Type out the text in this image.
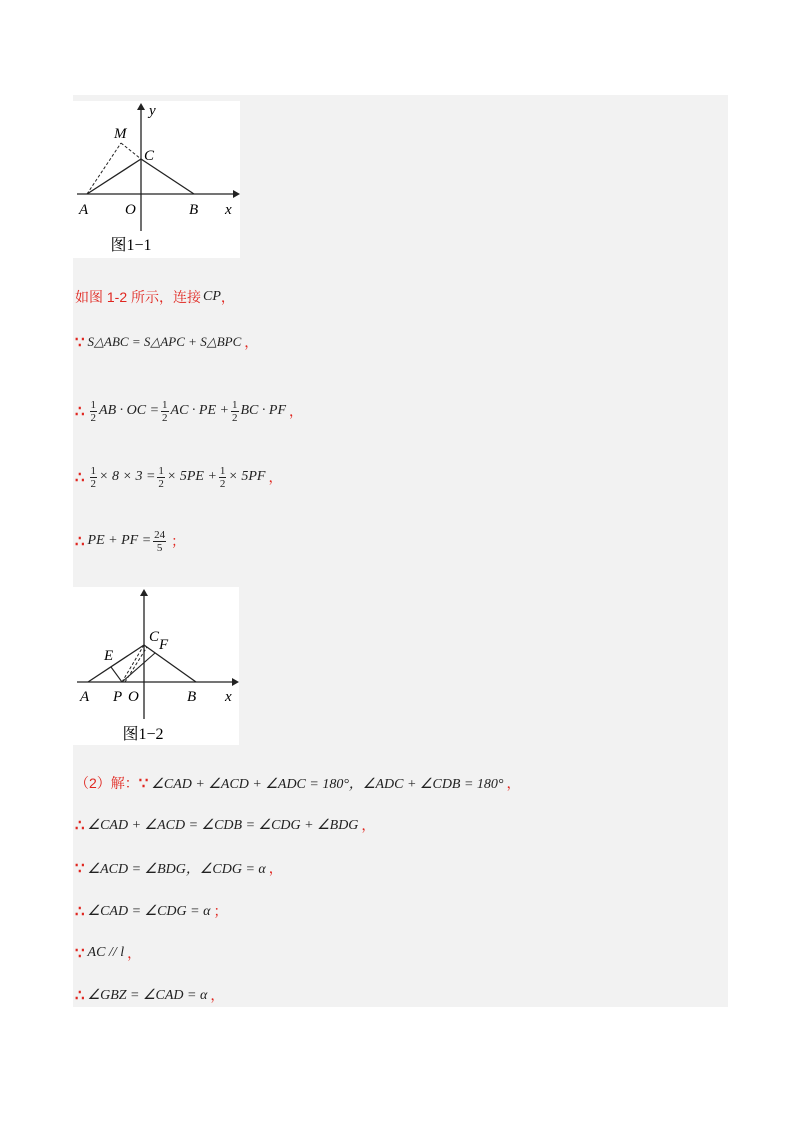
M
y
C
A O	B x
图1−1
如图 1-2 所示，连接 CP ，
∵ S△ABC = S△APC + S△BPC ，
∴ $\frac{1}{2}$ AB · OC = $\frac{1}{2}$ AC · PE + $\frac{1}{2}$ BC · PF ，
∴ $\frac{1}{2} \times 8 \times 3 = \frac{1}{2} \times 5PE + \frac{1}{2} \times 5PF$ ，
∴ PE + PF = $\frac{24}{5}$ ；
C F
E
A P O	B x
图1−2
（2）解： ∵ ∠CAD + ∠ACD + ∠ADC = 180°，∠ADC + ∠CDB = 180° ，
∴ ∠CAD + ∠ACD = ∠CDB = ∠CDG + ∠BDG ，
∵ ∠ACD = ∠BDG，∠CDG = α ，
∴ ∠CAD = ∠CDG = α ；
∵ AC // l ，
∴ ∠GBZ = ∠CAD = α ，
